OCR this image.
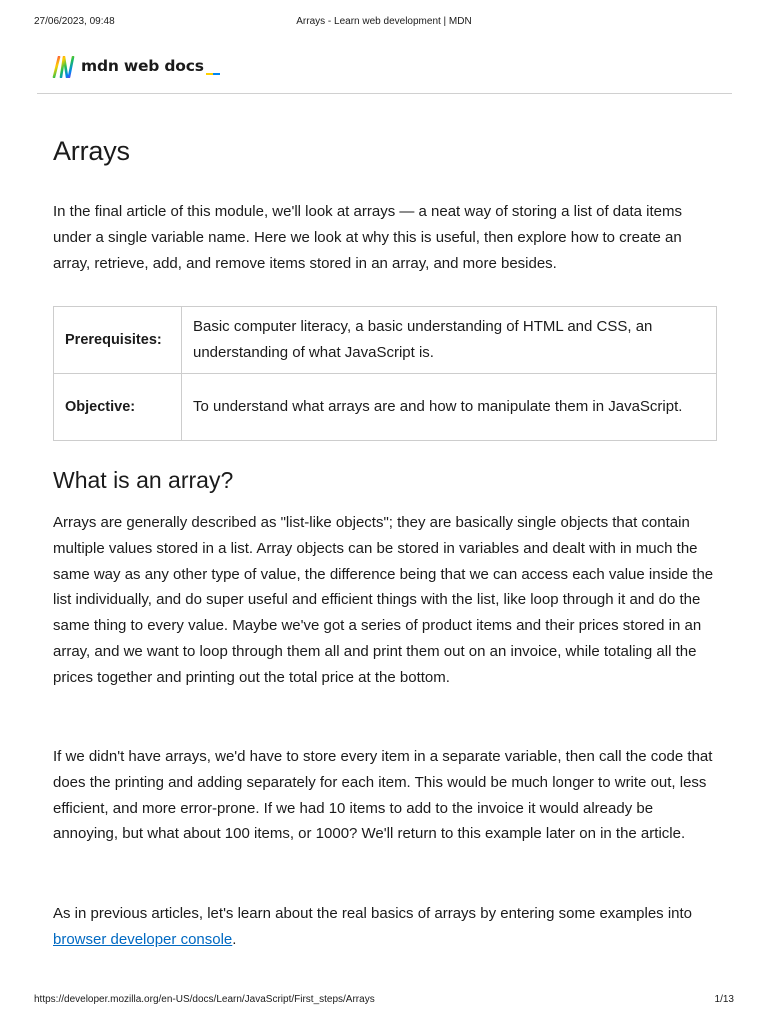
27/06/2023, 09:48	Arrays - Learn web development | MDN
mdn web docs
Arrays

In the final article of this module, we'll look at arrays — a neat way of storing a list of data items under a single variable name. Here we look at why this is useful, then explore how to create an array, retrieve, add, and remove items stored in an array, and more besides.

Prerequisites:	Basic computer literacy, a basic understanding of HTML and CSS, an understanding of what JavaScript is.
Objective:	To understand what arrays are and how to manipulate them in JavaScript.
What is an array?

Arrays are generally described as "list-like objects"; they are basically single objects that contain multiple values stored in a list. Array objects can be stored in variables and dealt with in much the same way as any other type of value, the difference being that we can access each value inside the list individually, and do super useful and efficient things with the list, like loop through it and do the same thing to every value. Maybe we've got a series of product items and their prices stored in an array, and we want to loop through them all and print them out on an invoice, while totaling all the prices together and printing out the total price at the bottom.

If we didn't have arrays, we'd have to store every item in a separate variable, then call the code that does the printing and adding separately for each item. This would be much longer to write out, less efficient, and more error-prone. If we had 10 items to add to the invoice it would already be annoying, but what about 100 items, or 1000? We'll return to this example later on in the article.

As in previous articles, let's learn about the real basics of arrays by entering some examples into browser developer console.

https://developer.mozilla.org/en-US/docs/Learn/JavaScript/First_steps/Arrays	1/13
